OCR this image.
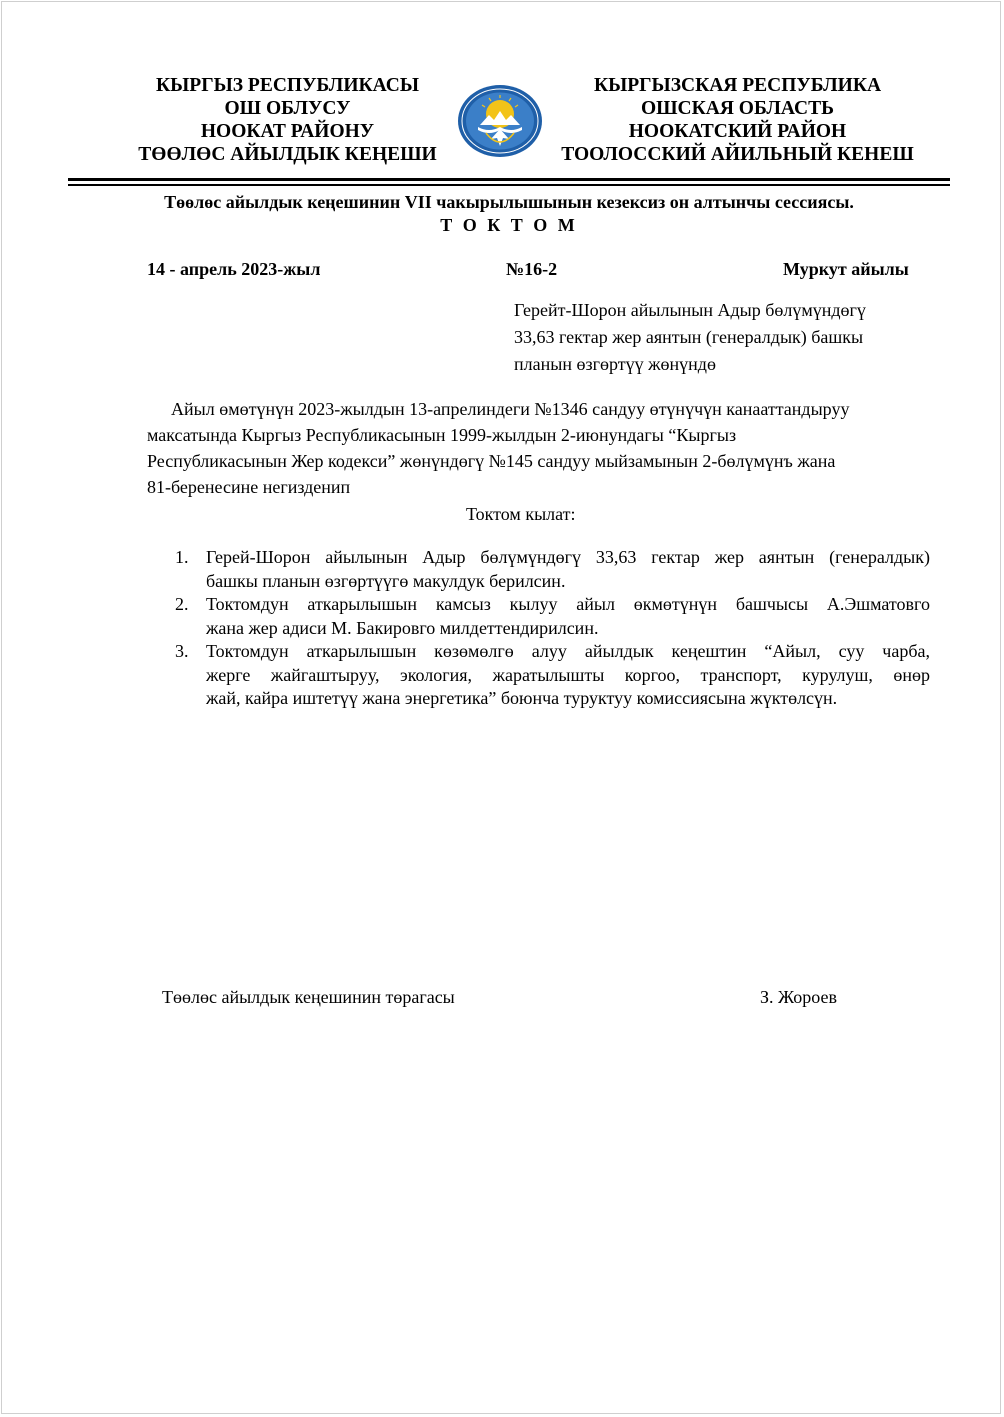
КЫРГЫЗ РЕСПУБЛИКАСЫ
ОШ ОБЛУСУ
НООКАТ РАЙОНУ
ТӨӨЛӨС АЙЫЛДЫК КЕҢЕШИ
КЫРГЫЗСКАЯ РЕСПУБЛИКА
ОШСКАЯ ОБЛАСТЬ
НООКАТСКИЙ РАЙОН
ТООЛОССКИЙ АЙИЛЬНЫЙ КЕНЕШ
Төөлөс айылдык кеңешинин VII чакырылышынын кезексиз он алтынчы сессиясы.
Т О К Т О М
14 - апрель 2023-жыл	№16-2	Муркут айылы
Герейт-Шорон айылынын Адыр бөлүмүндөгү
33,63 гектар жер аянтын (генералдык) башкы
планын өзгөртүү жөнүндө
Айыл өмөтүнүн 2023-жылдын 13-апрелиндеги №1346 сандуу өтүнүчүн канааттандыруу
максатында Кыргыз Республикасынын 1999-жылдын 2-июнундагы “Кыргыз
Республикасынын Жер кодекси” жөнүндөгү №145 сандуу мыйзамынын 2-бөлүмүнъ жана
81-беренесине негизденип
Токтом кылат:
1. Герей-Шорон айылынын Адыр бөлүмүндөгү 33,63 гектар жер аянтын (генералдык)
башкы планын өзгөртүүгө макулдук берилсин.
2. Токтомдун аткарылышын камсыз кылуу айыл өкмөтүнүн башчысы А.Эшматовго
жана жер адиси М. Бакировго милдеттендирилсин.
3. Токтомдун аткарылышын көзөмөлгө алуу айылдык кеңештин “Айыл, суу чарба,
жерге жайгаштыруу, экология, жаратылышты коргоо, транспорт, курулуш, өнөр
жай, кайра иштетүү жана энергетика” боюнча туруктуу комиссиясына жүктөлсүн.
Төөлөс айылдык кеңешинин төрагасы	З. Жороев
